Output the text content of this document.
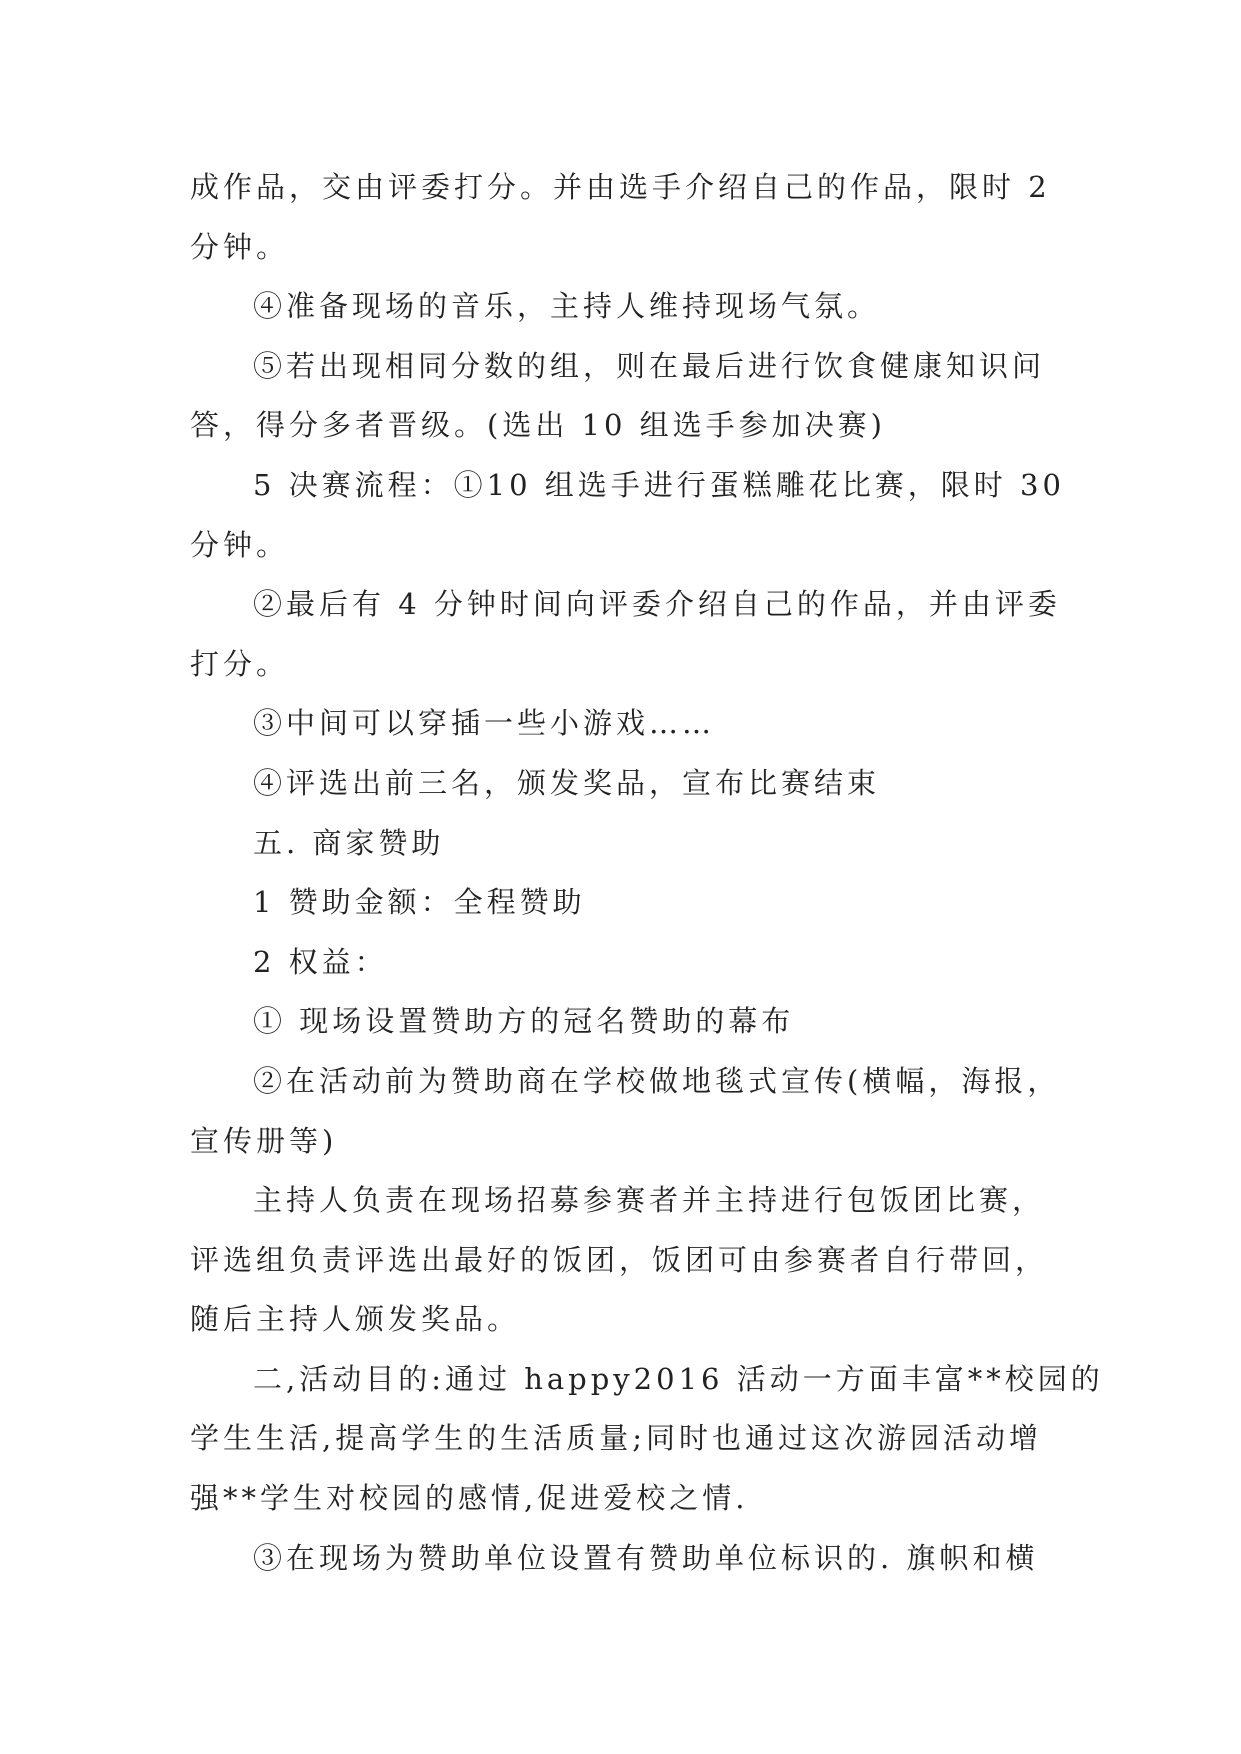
成作品，交由评委打分。并由选手介绍自己的作品，限时 2
分钟。
④准备现场的音乐，主持人维持现场气氛。
⑤若出现相同分数的组，则在最后进行饮食健康知识问
答，得分多者晋级。(选出 10 组选手参加决赛)
5 决赛流程：①10 组选手进行蛋糕雕花比赛，限时 30
分钟。
②最后有 4 分钟时间向评委介绍自己的作品，并由评委
打分。
③中间可以穿插一些小游戏……
④评选出前三名，颁发奖品，宣布比赛结束
五. 商家赞助
1 赞助金额：全程赞助
2 权益：
① 现场设置赞助方的冠名赞助的幕布
②在活动前为赞助商在学校做地毯式宣传(横幅，海报，
宣传册等)
主持人负责在现场招募参赛者并主持进行包饭团比赛，
评选组负责评选出最好的饭团，饭团可由参赛者自行带回，
随后主持人颁发奖品。
二,活动目的:通过 happy2016 活动一方面丰富**校园的
学生生活,提高学生的生活质量;同时也通过这次游园活动增
强**学生对校园的感情,促进爱校之情.
③在现场为赞助单位设置有赞助单位标识的. 旗帜和横
